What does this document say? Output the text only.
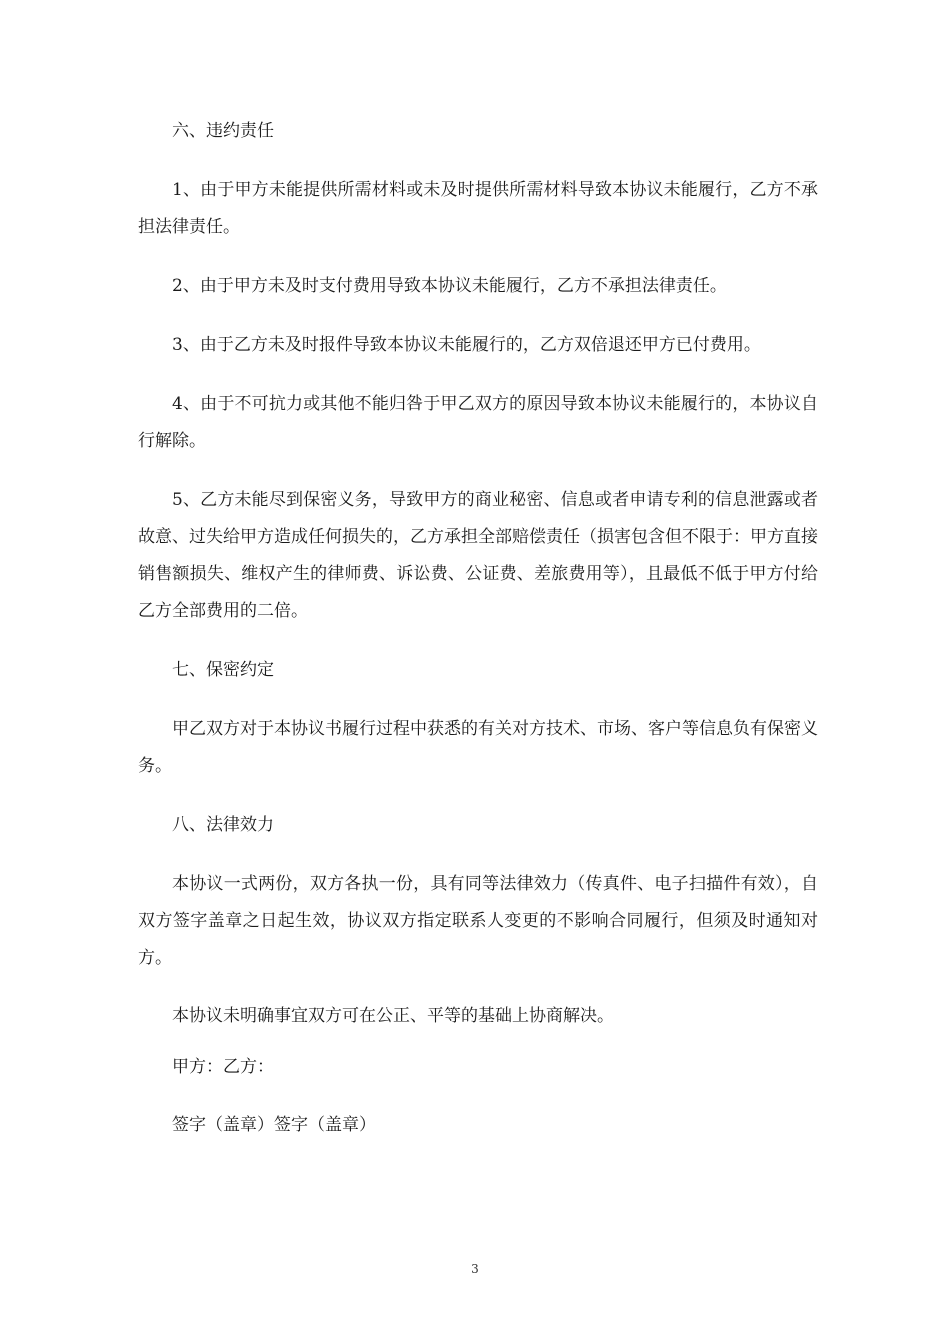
六、违约责任

1、由于甲方未能提供所需材料或未及时提供所需材料导致本协议未能履行，乙方不承担法律责任。

2、由于甲方未及时支付费用导致本协议未能履行，乙方不承担法律责任。

3、由于乙方未及时报件导致本协议未能履行的，乙方双倍退还甲方已付费用。

4、由于不可抗力或其他不能归咎于甲乙双方的原因导致本协议未能履行的，本协议自行解除。

5、乙方未能尽到保密义务，导致甲方的商业秘密、信息或者申请专利的信息泄露或者故意、过失给甲方造成任何损失的，乙方承担全部赔偿责任（损害包含但不限于：甲方直接销售额损失、维权产生的律师费、诉讼费、公证费、差旅费用等），且最低不低于甲方付给乙方全部费用的二倍。

七、保密约定

甲乙双方对于本协议书履行过程中获悉的有关对方技术、市场、客户等信息负有保密义务。

八、法律效力

本协议一式两份，双方各执一份，具有同等法律效力（传真件、电子扫描件有效），自双方签字盖章之日起生效，协议双方指定联系人变更的不影响合同履行，但须及时通知对方。

本协议未明确事宜双方可在公正、平等的基础上协商解决。

甲方：乙方：

签字（盖章）签字（盖章）

3
